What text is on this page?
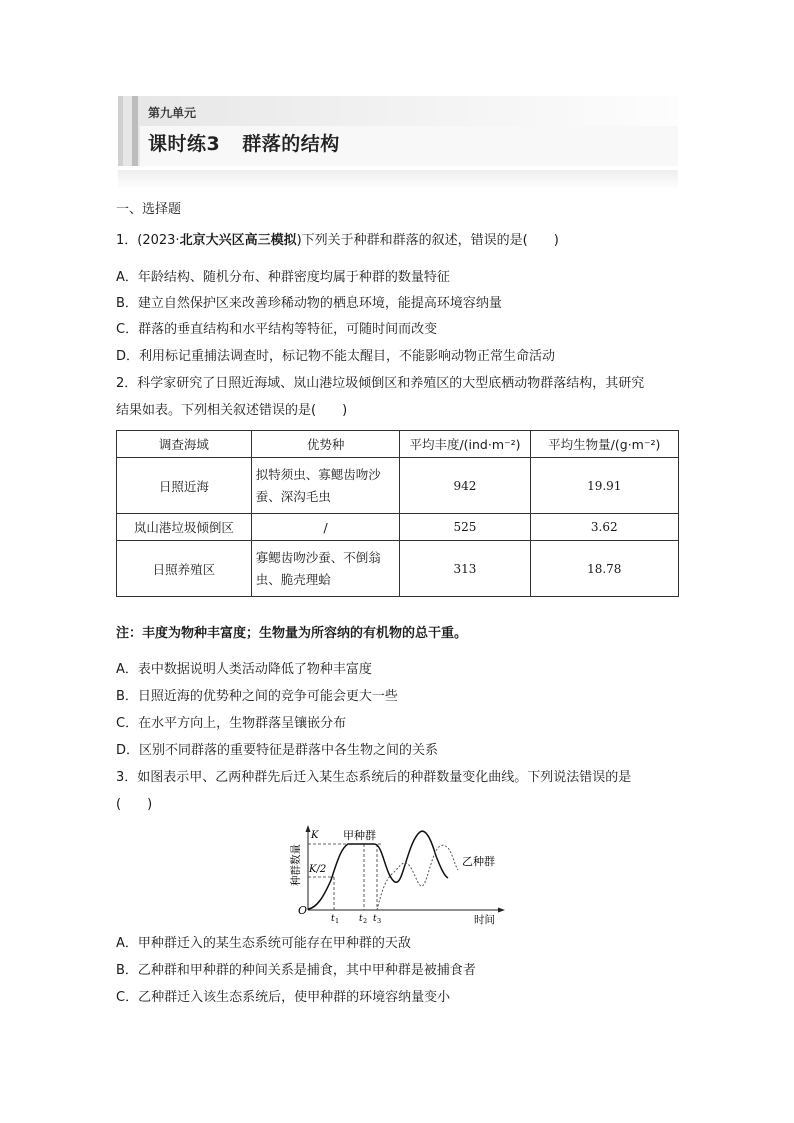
第九单元
课时练3 群落的结构
一、选择题
1．(2023·北京大兴区高三模拟)下列关于种群和群落的叙述，错误的是(　　)
A．年龄结构、随机分布、种群密度均属于种群的数量特征
B．建立自然保护区来改善珍稀动物的栖息环境，能提高环境容纳量
C．群落的垂直结构和水平结构等特征，可随时间而改变
D．利用标记重捕法调查时，标记物不能太醒目，不能影响动物正常生命活动
2．科学家研究了日照近海域、岚山港垃圾倾倒区和养殖区的大型底栖动物群落结构，其研究
结果如表。下列相关叙述错误的是(　　)
调查海域	优势种	平均丰度/(ind·m⁻²)	平均生物量/(g·m⁻²)
日照近海	拟特须虫、寡鳃齿吻沙蚕、深沟毛虫	942	19.91
岚山港垃圾倾倒区	/	525	3.62
日照养殖区	寡鳃齿吻沙蚕、不倒翁虫、脆壳理蛤	313	18.78
注：丰度为物种丰富度；生物量为所容纳的有机物的总干重。
A．表中数据说明人类活动降低了物种丰富度
B．日照近海的优势种之间的竞争可能会更大一些
C．在水平方向上，生物群落呈镶嵌分布
D．区别不同群落的重要特征是群落中各生物之间的关系
3．如图表示甲、乙两种群先后迁入某生态系统后的种群数量变化曲线。下列说法错误的是
(　　)
O
K
K/2
甲种群
乙种群
时间
t 1 t 2 t 3
种群数量
A．甲种群迁入的某生态系统可能存在甲种群的天敌
B．乙种群和甲种群的种间关系是捕食，其中甲种群是被捕食者
C．乙种群迁入该生态系统后，使甲种群的环境容纳量变小
